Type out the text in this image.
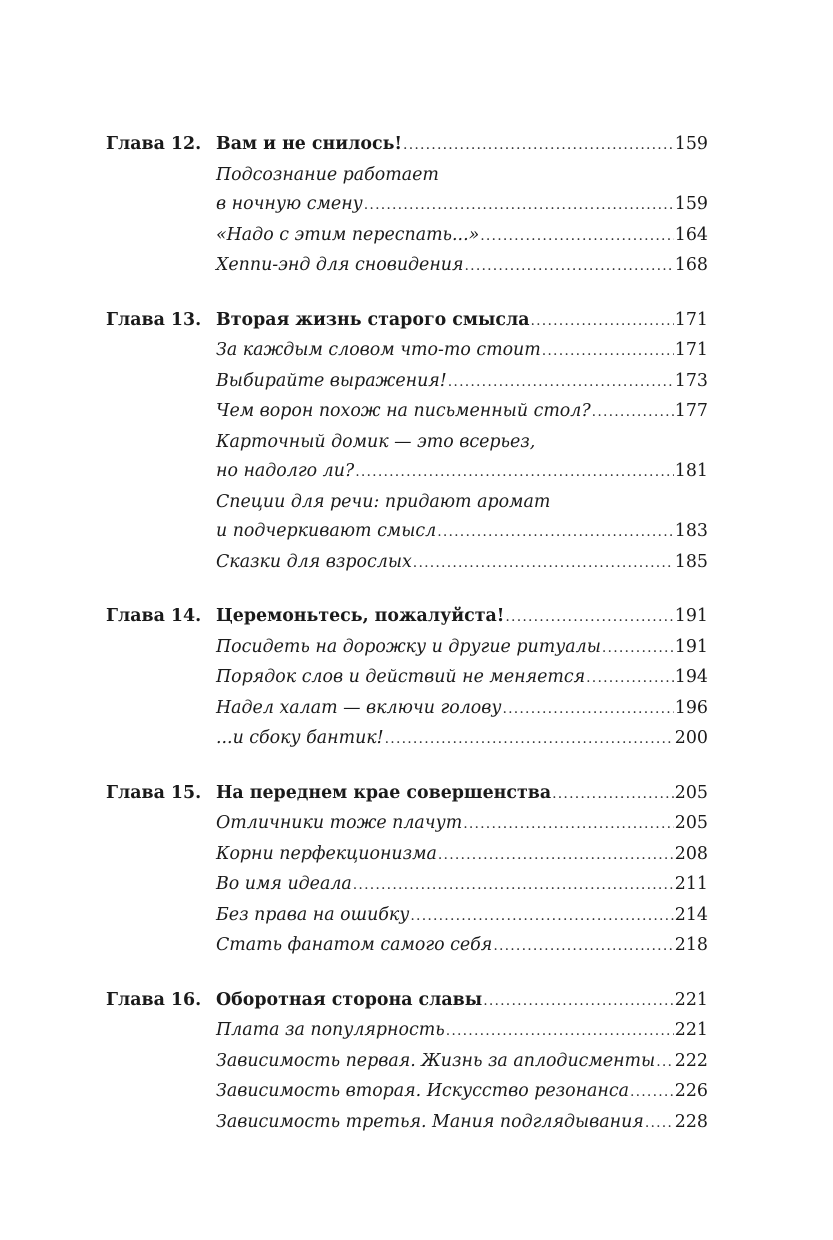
Глава 12. Вам и не снилось! .....	159
Подсознание работает
в ночную смену .....	159
«Надо с этим переспать...» .....	164
Хеппи-энд для сновидения .....	168
Глава 13. Вторая жизнь старого смысла .....	171
За каждым словом что-то стоит .....	171
Выбирайте выражения! .....	173
Чем ворон похож на письменный стол? .....	177
Карточный домик — это всерьез,
но надолго ли? .....	181
Специи для речи: придают аромат
и подчеркивают смысл .....	183
Сказки для взрослых .....	185
Глава 14. Церемоньтесь, пожалуйста! .....	191
Посидеть на дорожку и другие ритуалы .....	191
Порядок слов и действий не меняется .....	194
Надел халат — включи голову .....	196
...и сбоку бантик! .....	200
Глава 15. На переднем крае совершенства .....	205
Отличники тоже плачут .....	205
Корни перфекционизма .....	208
Во имя идеала .....	211
Без права на ошибку .....	214
Стать фанатом самого себя .....	218
Глава 16. Оборотная сторона славы .....	221
Плата за популярность .....	221
Зависимость первая. Жизнь за аплодисменты ..... 222
Зависимость вторая. Искусство резонанса .....	226
Зависимость третья. Мания подглядывания ..... 228
